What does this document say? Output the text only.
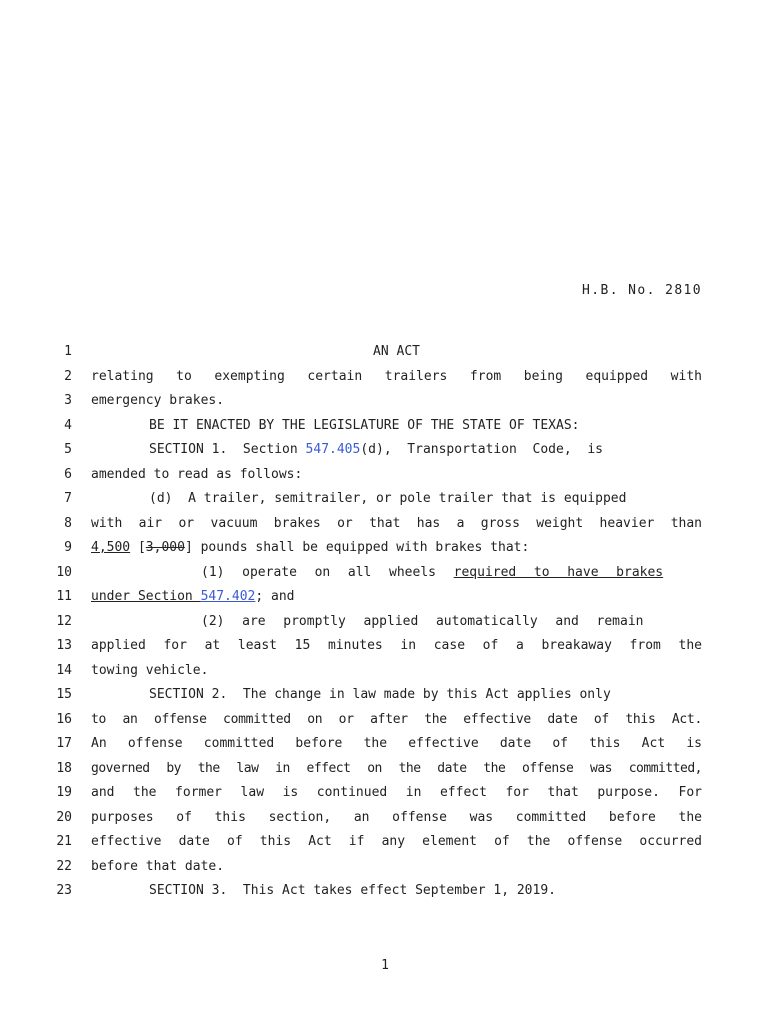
H.B. No. 2810
1	AN ACT
2 relating to exempting certain trailers from being equipped with
3 emergency brakes.
4	BE IT ENACTED BY THE LEGISLATURE OF THE STATE OF TEXAS:
5	SECTION 1.  Section 547.405(d),  Transportation  Code,  is
6 amended to read as follows:
7	(d)  A trailer, semitrailer, or pole trailer that is equipped
8 with air or vacuum brakes or that has a gross weight heavier than
9 4,500 [3,000] pounds shall be equipped with brakes that:
10	(1)  operate  on  all  wheels  required  to  have  brakes
11 under Section 547.402; and
12	(2)  are  promptly  applied  automatically  and  remain
13 applied for at least 15 minutes in case of a breakaway from the
14 towing vehicle.
15	SECTION 2.  The change in law made by this Act applies only
16 to an offense committed on or after the effective date of this Act.
17 An offense committed before the effective date of this Act is
18 governed by the law in effect on the date the offense was committed,
19 and the former law is continued in effect for that purpose. For
20 purposes of this section, an offense was committed before the
21 effective date of this Act if any element of the offense occurred
22 before that date.
23	SECTION 3.  This Act takes effect September 1, 2019.
1
